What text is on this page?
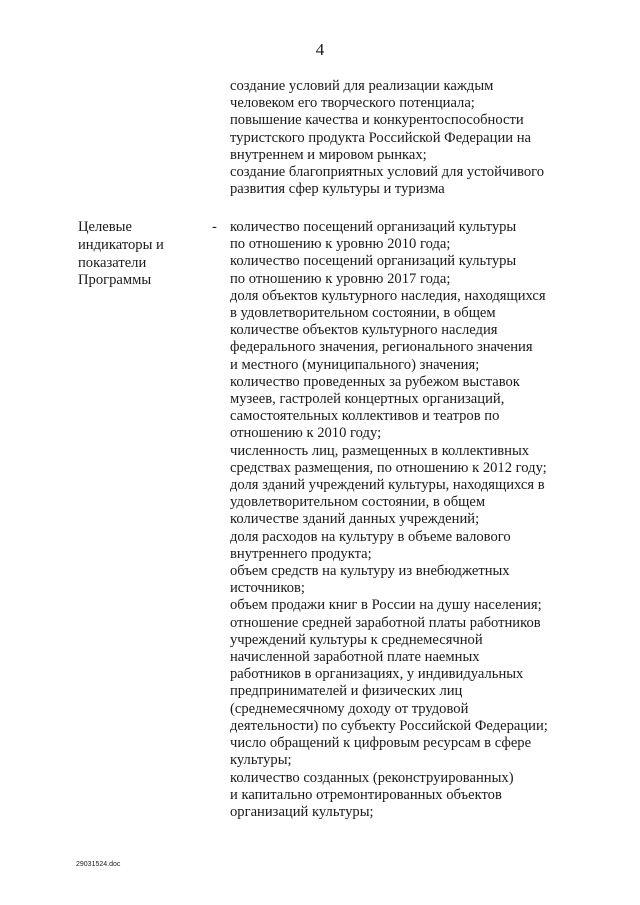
4
создание условий для реализации каждым
человеком его творческого потенциала;
повышение качества и конкурентоспособности
туристского продукта Российской Федерации на
внутреннем и мировом рынках;
создание благоприятных условий для устойчивого
развития сфер культуры и туризма
Целевые
индикаторы и
показатели
Программы
- количество посещений организаций культуры
по отношению к уровню 2010 года;
количество посещений организаций культуры
по отношению к уровню 2017 года;
доля объектов культурного наследия, находящихся
в удовлетворительном состоянии, в общем
количестве объектов культурного наследия
федерального значения, регионального значения
и местного (муниципального) значения;
количество проведенных за рубежом выставок
музеев, гастролей концертных организаций,
самостоятельных коллективов и театров по
отношению к 2010 году;
численность лиц, размещенных в коллективных
средствах размещения, по отношению к 2012 году;
доля зданий учреждений культуры, находящихся в
удовлетворительном состоянии, в общем
количестве зданий данных учреждений;
доля расходов на культуру в объеме валового
внутреннего продукта;
объем средств на культуру из внебюджетных
источников;
объем продажи книг в России на душу населения;
отношение средней заработной платы работников
учреждений культуры к среднемесячной
начисленной заработной плате наемных
работников в организациях, у индивидуальных
предпринимателей и физических лиц
(среднемесячному доходу от трудовой
деятельности) по субъекту Российской Федерации;
число обращений к цифровым ресурсам в сфере
культуры;
количество созданных (реконструированных)
и капитально отремонтированных объектов
организаций культуры;
29031524.doc
